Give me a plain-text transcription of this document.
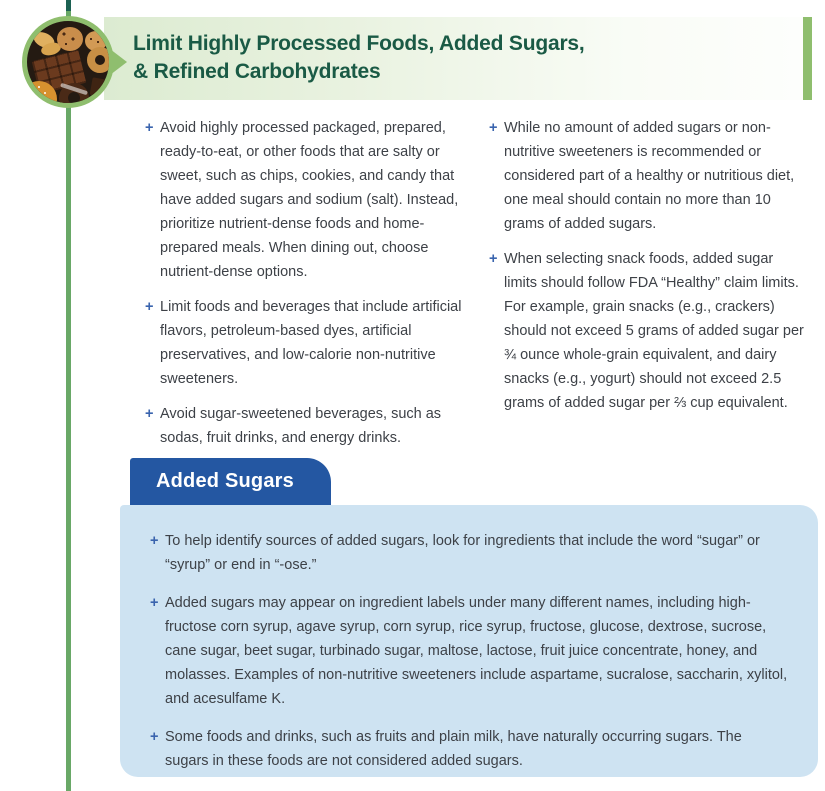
Limit Highly Processed Foods, Added Sugars,
& Refined Carbohydrates
+ Avoid highly processed packaged, prepared, ready-to-eat, or other foods that are salty or sweet, such as chips, cookies, and candy that have added sugars and sodium (salt). Instead, prioritize nutrient-dense foods and home-prepared meals. When dining out, choose nutrient-dense options.
+ Limit foods and beverages that include artificial flavors, petroleum-based dyes, artificial preservatives, and low-calorie non-nutritive sweeteners.
+ Avoid sugar-sweetened beverages, such as sodas, fruit drinks, and energy drinks.
+ While no amount of added sugars or non-nutritive sweeteners is recommended or considered part of a healthy or nutritious diet, one meal should contain no more than 10 grams of added sugars.
+ When selecting snack foods, added sugar limits should follow FDA “Healthy” claim limits. For example, grain snacks (e.g., crackers) should not exceed 5 grams of added sugar per ¾ ounce whole-grain equivalent, and dairy snacks (e.g., yogurt) should not exceed 2.5 grams of added sugar per ⅔ cup equivalent.
Added Sugars
+ To help identify sources of added sugars, look for ingredients that include the word “sugar” or “syrup” or end in “-ose.”
+ Added sugars may appear on ingredient labels under many different names, including high-fructose corn syrup, agave syrup, corn syrup, rice syrup, fructose, glucose, dextrose, sucrose, cane sugar, beet sugar, turbinado sugar, maltose, lactose, fruit juice concentrate, honey, and molasses. Examples of non-nutritive sweeteners include aspartame, sucralose, saccharin, xylitol, and acesulfame K.
+ Some foods and drinks, such as fruits and plain milk, have naturally occurring sugars. The sugars in these foods are not considered added sugars.
